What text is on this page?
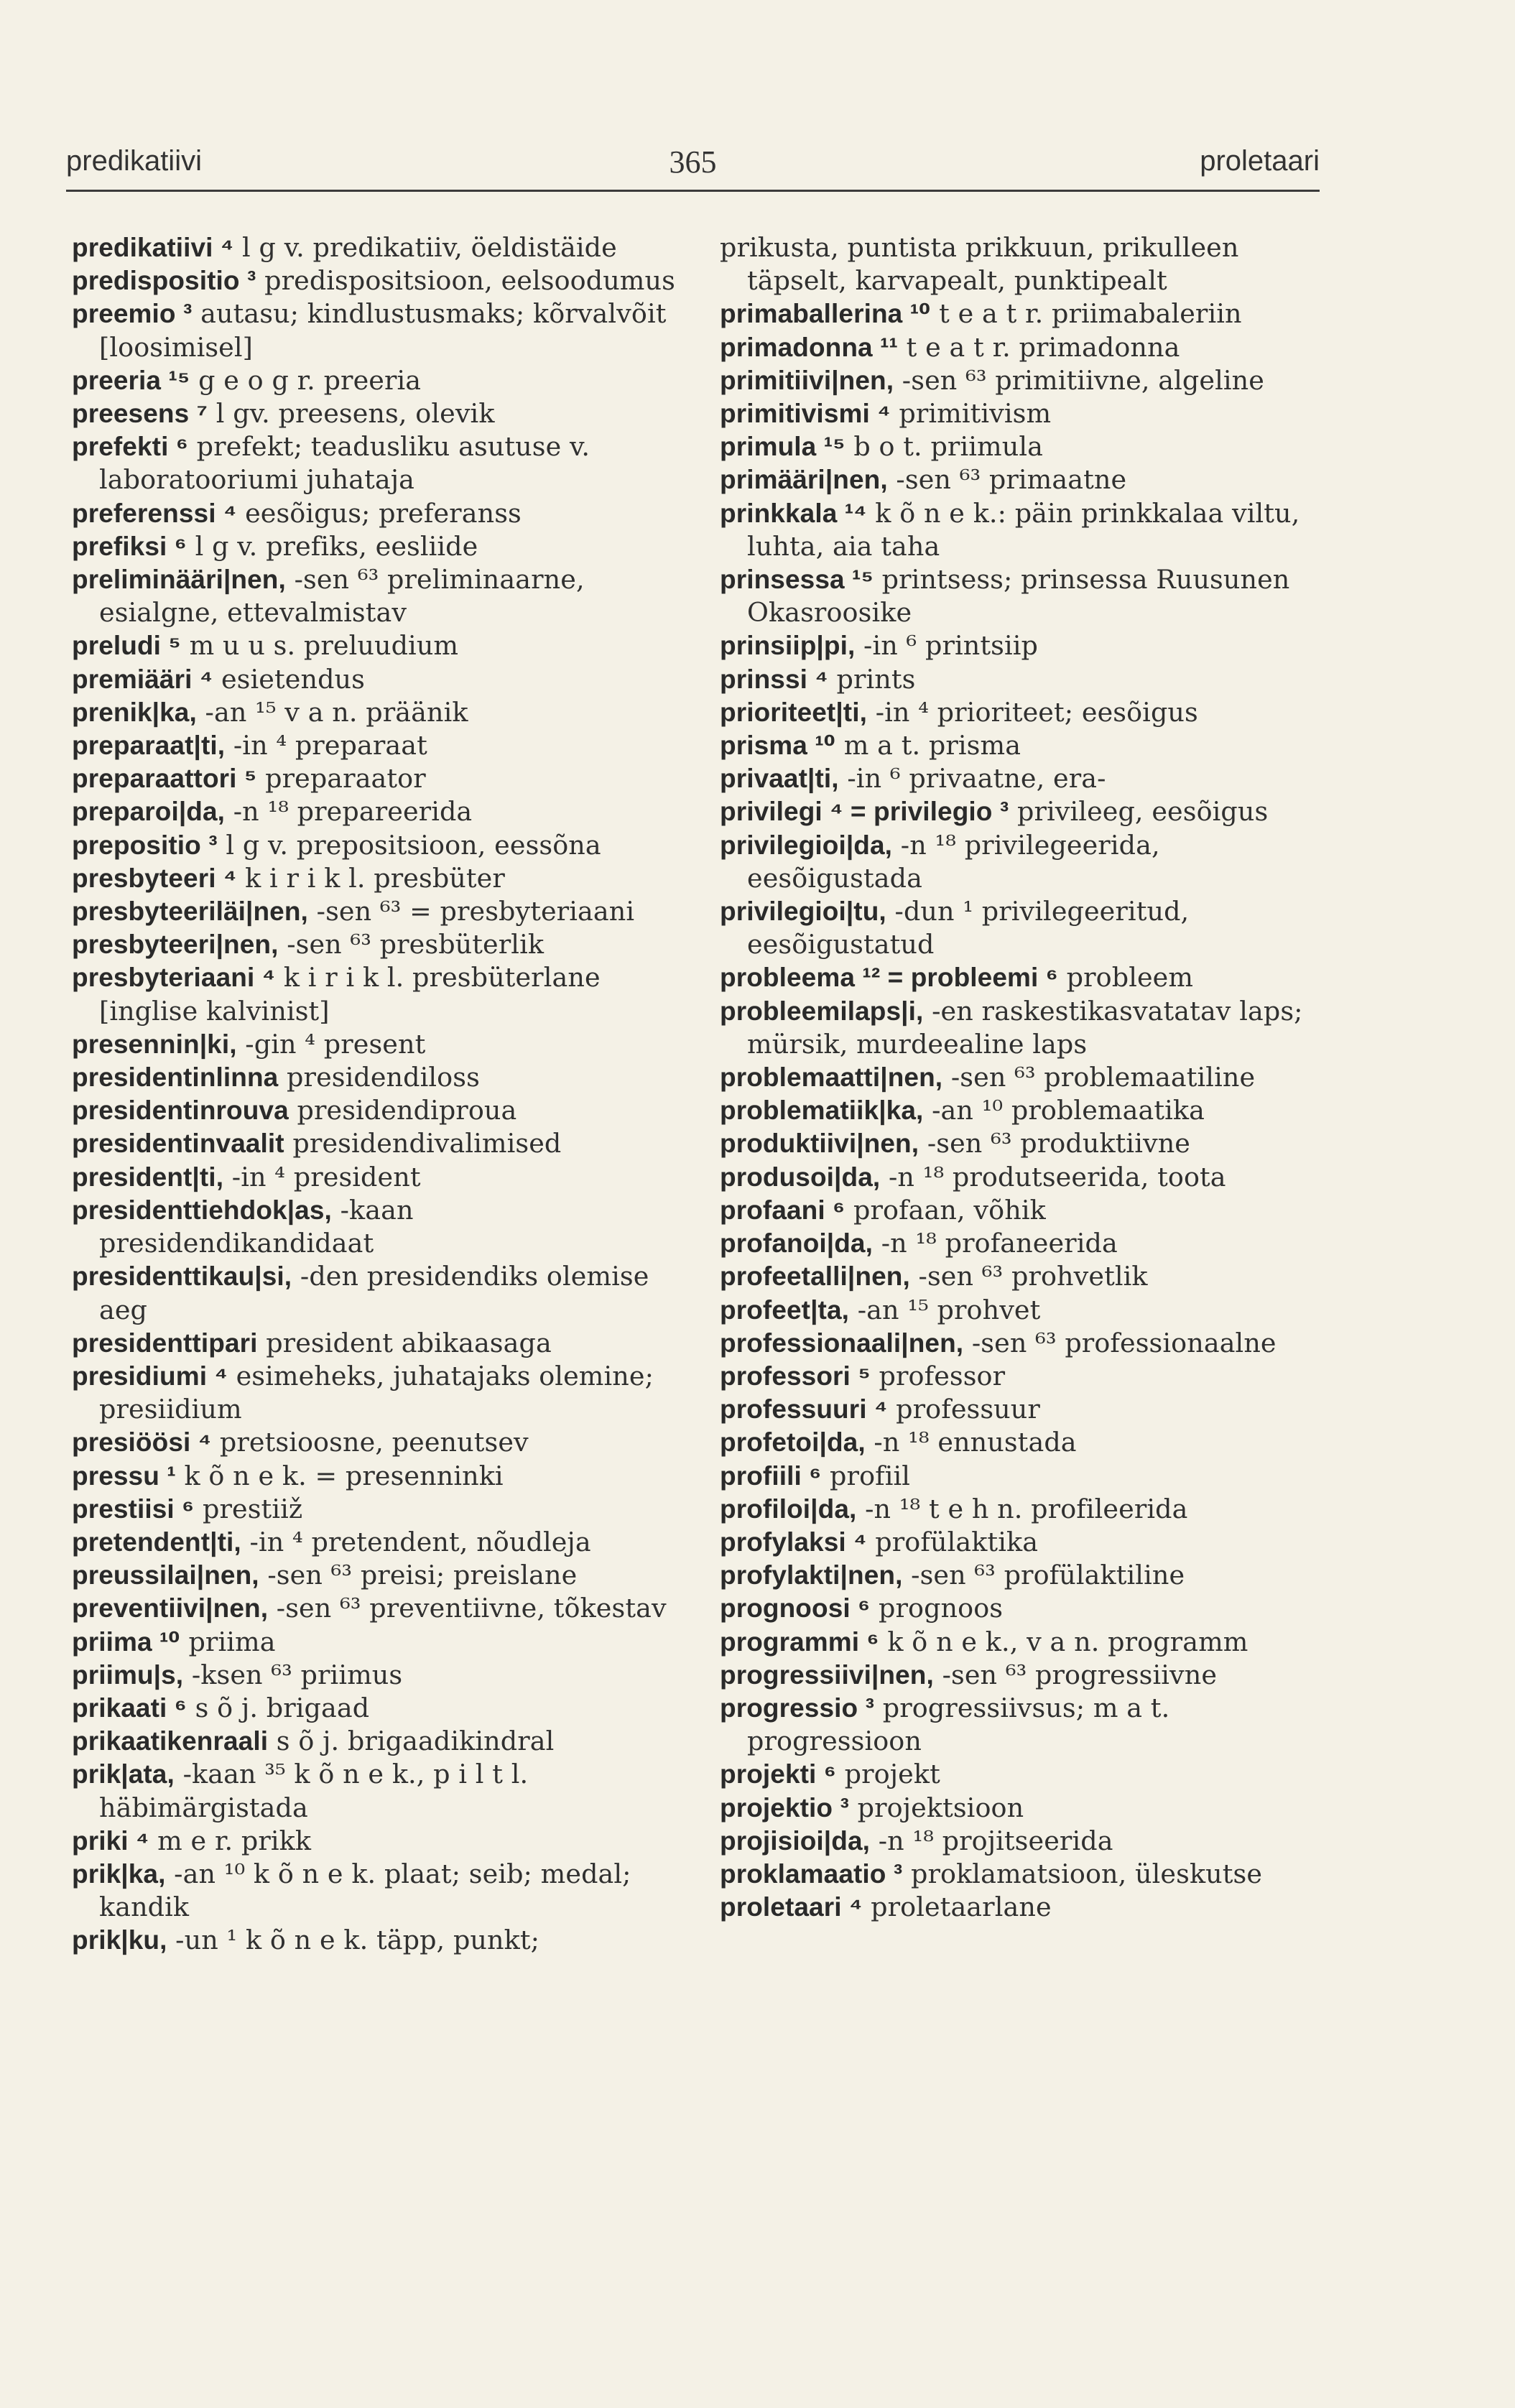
predikatiivi	365	proletaari

predikatiivi ⁴ l g v. predikatiiv, öeldistäide

predispositio ³ predispositsioon, eelsoodumus

preemio ³ autasu; kindlustusmaks; kõrvalvõit [loosimisel]

preeria ¹⁵ g e o g r. preeria

preesens ⁷ l gv. preesens, olevik

prefekti ⁶ prefekt; teadusliku asutuse v. laboratooriumi juhataja

preferenssi ⁴ eesõigus; preferanss

prefiksi ⁶ l g v. prefiks, eesliide

preliminääri|nen, -sen ⁶³ preliminaarne, esialgne, ettevalmistav

preludi ⁵ m u u s. preluudium

premiääri ⁴ esietendus

prenik|ka, -an ¹⁵ v a n. präänik

preparaat|ti, -in ⁴ preparaat

preparaattori ⁵ preparaator

preparoi|da, -n ¹⁸ prepareerida

prepositio ³ l g v. prepositsioon, eessõna

presbyteeri ⁴ k i r i k l. presbüter

presbyteeriläi|nen, -sen ⁶³ = presbyteriaani

presbyteeri|nen, -sen ⁶³ presbüterlik

presbyteriaani ⁴ k i r i k l. presbüterlane [inglise kalvinist]

presennin|ki, -gin ⁴ present

presidentinlinna presidendiloss

presidentinrouva presidendiproua

presidentinvaalit presidendivalimised

president|ti, -in ⁴ president

presidenttiehdok|as, -kaan presidendikandidaat

presidenttikau|si, -den presidendiks olemise aeg

presidenttipari president abikaasaga

presidiumi ⁴ esimeheks, juhatajaks olemine; presiidium

presiöösi ⁴ pretsioosne, peenutsev

pressu ¹ k õ n e k. = presenninki

prestiisi ⁶ prestiiž

pretendent|ti, -in ⁴ pretendent, nõudleja

preussilai|nen, -sen ⁶³ preisi; preislane

preventiivi|nen, -sen ⁶³ preventiivne, tõkestav

priima ¹⁰ priima

priimu|s, -ksen ⁶³ priimus

prikaati ⁶ s õ j. brigaad

prikaatikenraali s õ j. brigaadikindral

prik|ata, -kaan ³⁵ k õ n e k., p i l t l. häbimärgistada

priki ⁴ m e r. prikk

prik|ka, -an ¹⁰ k õ n e k. plaat; seib; medal; kandik

prik|ku, -un ¹ k õ n e k. täpp, punkt;

prikusta, puntista prikkuun, prikulleen täpselt, karvapealt, punktipealt

primaballerina ¹⁰ t e a t r. priimabaleriin

primadonna ¹¹ t e a t r. primadonna

primitiivi|nen, -sen ⁶³ primitiivne, algeline

primitivismi ⁴ primitivism

primula ¹⁵ b o t. priimula

primääri|nen, -sen ⁶³ primaatne

prinkkala ¹⁴ k õ n e k.: päin prinkkalaa viltu, luhta, aia taha

prinsessa ¹⁵ printsess; prinsessa Ruusunen Okasroosike

prinsiip|pi, -in ⁶ printsiip

prinssi ⁴ prints

prioriteet|ti, -in ⁴ prioriteet; eesõigus

prisma ¹⁰ m a t. prisma

privaat|ti, -in ⁶ privaatne, era-

privilegi ⁴ = privilegio ³ privileeg, eesõigus

privilegioi|da, -n ¹⁸ privilegeerida, eesõigustada

privilegioi|tu, -dun ¹ privilegeeritud, eesõigustatud

probleema ¹² = probleemi ⁶ probleem

probleemilaps|i, -en raskestikasvatatav laps; mürsik, murdeealine laps

problemaatti|nen, -sen ⁶³ problemaatiline

problematiik|ka, -an ¹⁰ problemaatika

produktiivi|nen, -sen ⁶³ produktiivne

produsoi|da, -n ¹⁸ produtseerida, toota

profaani ⁶ profaan, võhik

profanoi|da, -n ¹⁸ profaneerida

profeetalli|nen, -sen ⁶³ prohvetlik

profeet|ta, -an ¹⁵ prohvet

professionaali|nen, -sen ⁶³ professionaalne

professori ⁵ professor

professuuri ⁴ professuur

profetoi|da, -n ¹⁸ ennustada

profiili ⁶ profiil

profiloi|da, -n ¹⁸ t e h n. profileerida

profylaksi ⁴ profülaktika

profylakti|nen, -sen ⁶³ profülaktiline

prognoosi ⁶ prognoos

programmi ⁶ k õ n e k., v a n. programm

progressiivi|nen, -sen ⁶³ progressiivne

progressio ³ progressiivsus; m a t. progressioon

projekti ⁶ projekt

projektio ³ projektsioon

projisioi|da, -n ¹⁸ projitseerida

proklamaatio ³ proklamatsioon, üleskutse

proletaari ⁴ proletaarlane
